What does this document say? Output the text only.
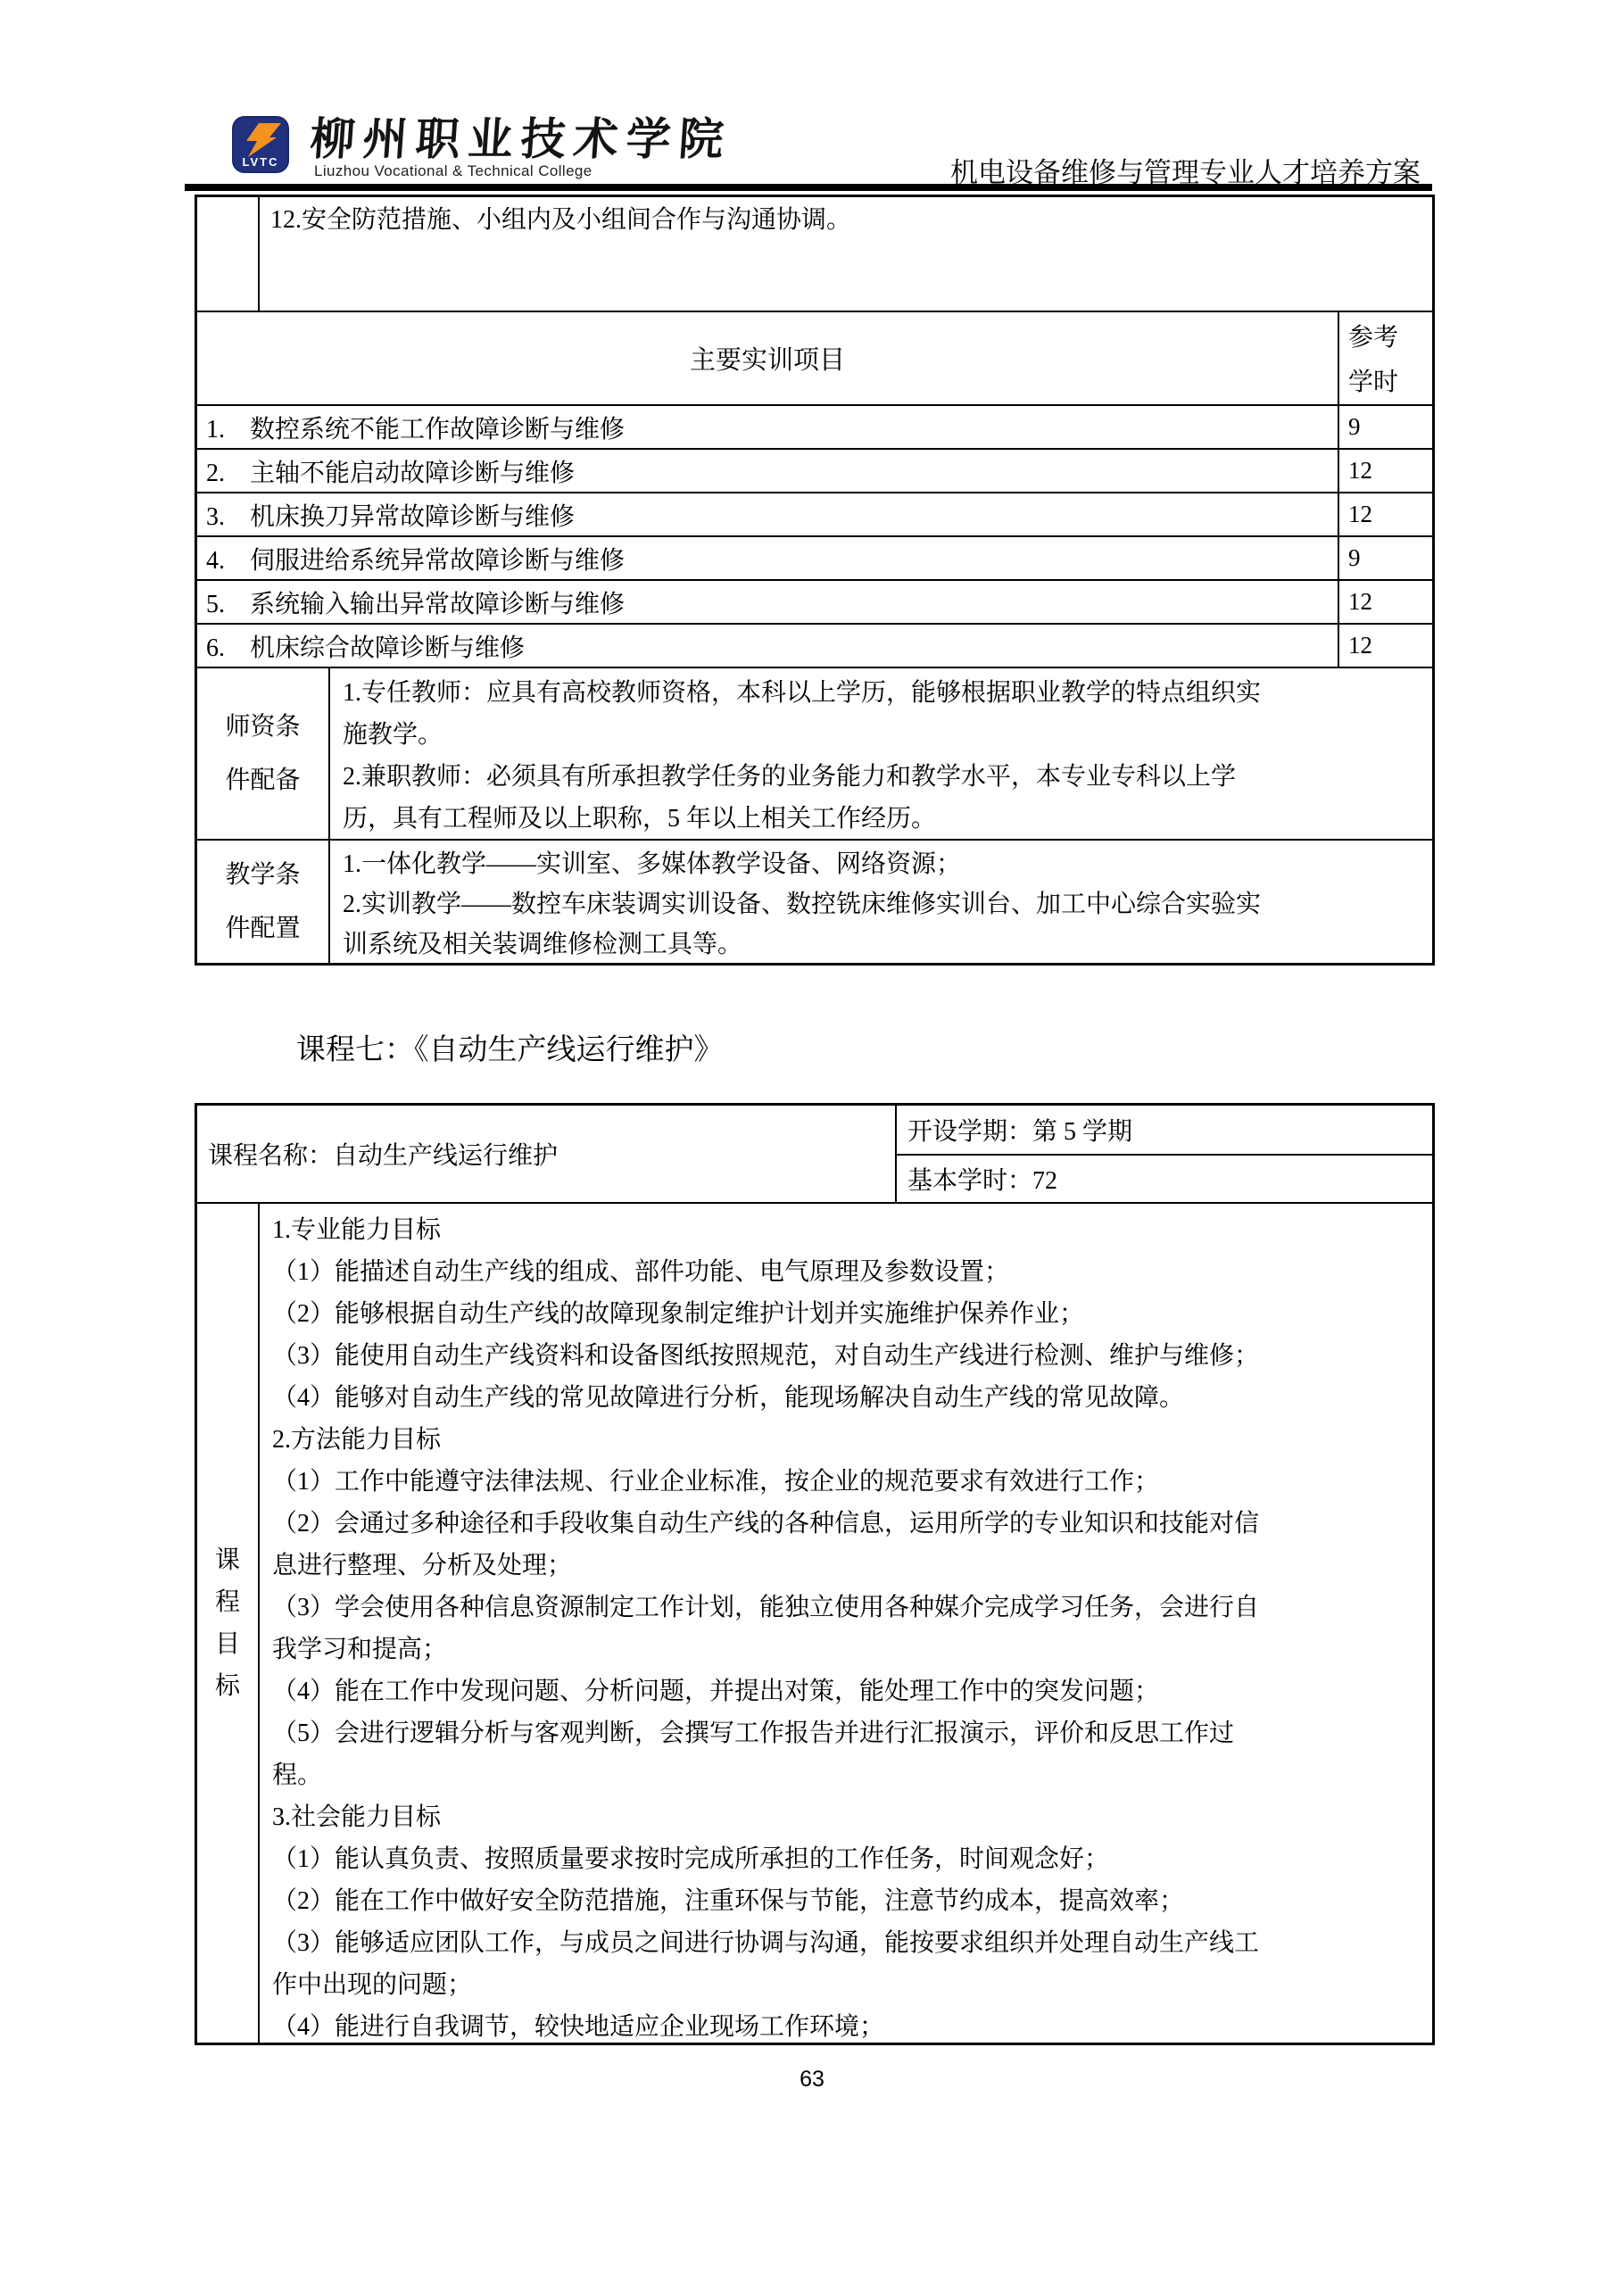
LVTC 柳州职业技术学院
Liuzhou Vocational & Technical College	机电设备维修与管理专业人才培养方案
12.安全防范措施、小组内及小组间合作与沟通协调。
主要实训项目
参考
学时
1.　数控系统不能工作故障诊断与维修	9
2.　主轴不能启动故障诊断与维修	12
3.　机床换刀异常故障诊断与维修	12
4.　伺服进给系统异常故障诊断与维修	9
5.　系统输入输出异常故障诊断与维修	12
6.　机床综合故障诊断与维修	12
师资条
件配备
1.专任教师：应具有高校教师资格，本科以上学历，能够根据职业教学的特点组织实
施教学。
2.兼职教师：必须具有所承担教学任务的业务能力和教学水平，本专业专科以上学
历，具有工程师及以上职称，5 年以上相关工作经历。
教学条
件配置
1.一体化教学——实训室、多媒体教学设备、网络资源；
2.实训教学——数控车床装调实训设备、数控铣床维修实训台、加工中心综合实验实
训系统及相关装调维修检测工具等。
课程七：《自动生产线运行维护》
课程名称：自动生产线运行维护
开设学期：第 5 学期
基本学时：72
课
程
目
标
1.专业能力目标
（1）能描述自动生产线的组成、部件功能、电气原理及参数设置；
（2）能够根据自动生产线的故障现象制定维护计划并实施维护保养作业；
（3）能使用自动生产线资料和设备图纸按照规范，对自动生产线进行检测、维护与维修；
（4）能够对自动生产线的常见故障进行分析，能现场解决自动生产线的常见故障。
2.方法能力目标
（1）工作中能遵守法律法规、行业企业标准，按企业的规范要求有效进行工作；
（2）会通过多种途径和手段收集自动生产线的各种信息，运用所学的专业知识和技能对信
息进行整理、分析及处理；
（3）学会使用各种信息资源制定工作计划，能独立使用各种媒介完成学习任务，会进行自
我学习和提高；
（4）能在工作中发现问题、分析问题，并提出对策，能处理工作中的突发问题；
（5）会进行逻辑分析与客观判断，会撰写工作报告并进行汇报演示，评价和反思工作过
程。
3.社会能力目标
（1）能认真负责、按照质量要求按时完成所承担的工作任务，时间观念好；
（2）能在工作中做好安全防范措施，注重环保与节能，注意节约成本，提高效率；
（3）能够适应团队工作，与成员之间进行协调与沟通，能按要求组织并处理自动生产线工
作中出现的问题；
（4）能进行自我调节，较快地适应企业现场工作环境；
63
